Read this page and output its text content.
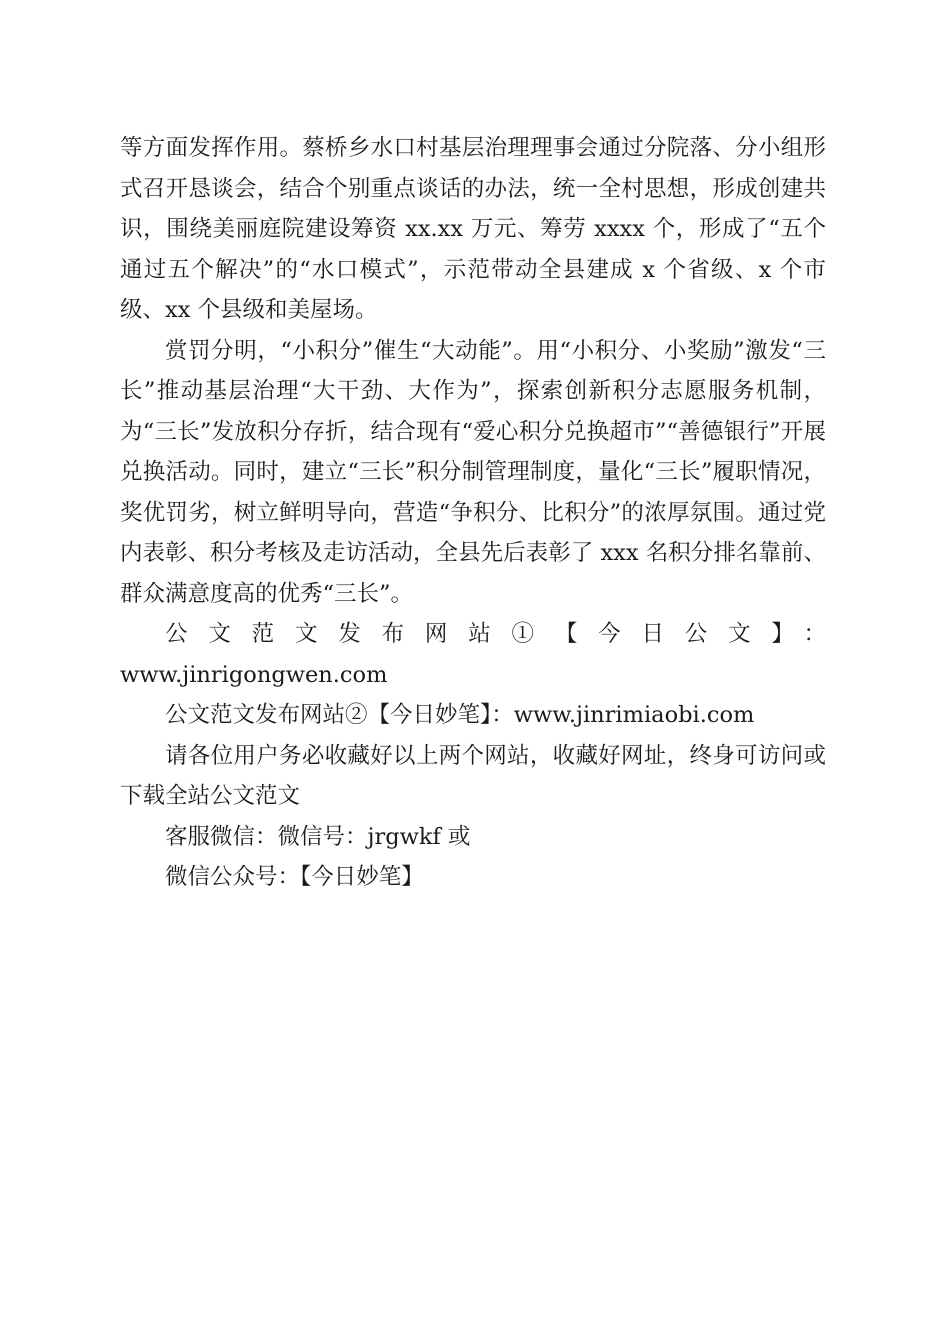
等方面发挥作用。蔡桥乡水口村基层治理理事会通过分院落、分小组形式召开恳谈会，结合个别重点谈话的办法，统一全村思想，形成创建共识，围绕美丽庭院建设筹资 xx.xx 万元、筹劳 xxxx 个，形成了“五个通过五个解决”的“水口模式”，示范带动全县建成 x 个省级、x 个市级、xx 个县级和美屋场。

赏罚分明，“小积分”催生“大动能”。用“小积分、小奖励”激发“三长”推动基层治理“大干劲、大作为”，探索创新积分志愿服务机制，为“三长”发放积分存折，结合现有“爱心积分兑换超市”“善德银行”开展兑换活动。同时，建立“三长”积分制管理制度，量化“三长”履职情况，奖优罚劣，树立鲜明导向，营造“争积分、比积分”的浓厚氛围。通过党内表彰、积分考核及走访活动，全县先后表彰了 xxx 名积分排名靠前、群众满意度高的优秀“三长”。

公文范文发布网站①【今日公文】：

www.jinrigongwen.com

公文范文发布网站②【今日妙笔】：www.jinrimiaobi.com

请各位用户务必收藏好以上两个网站，收藏好网址，终身可访问或下载全站公文范文

客服微信：微信号：jrgwkf 或

微信公众号：【今日妙笔】
